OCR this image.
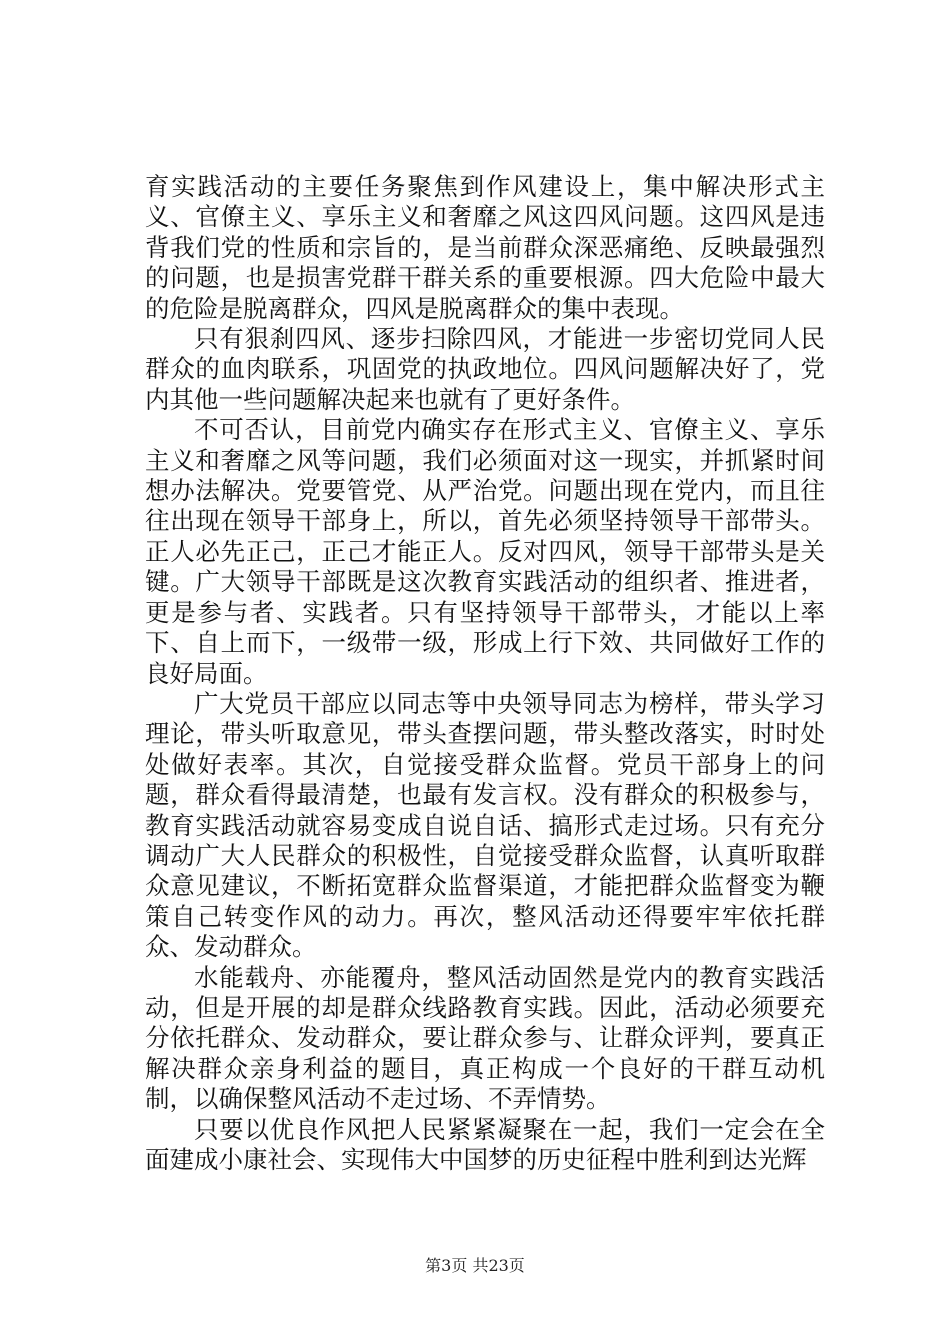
育实践活动的主要任务聚焦到作风建设上，集中解决形式主义、官僚主义、享乐主义和奢靡之风这四风问题。这四风是违背我们党的性质和宗旨的，是当前群众深恶痛绝、反映最强烈的问题，也是损害党群干群关系的重要根源。四大危险中最大的危险是脱离群众，四风是脱离群众的集中表现。

只有狠刹四风、逐步扫除四风，才能进一步密切党同人民群众的血肉联系，巩固党的执政地位。四风问题解决好了，党内其他一些问题解决起来也就有了更好条件。

不可否认，目前党内确实存在形式主义、官僚主义、享乐主义和奢靡之风等问题，我们必须面对这一现实，并抓紧时间想办法解决。党要管党、从严治党。问题出现在党内，而且往往出现在领导干部身上，所以，首先必须坚持领导干部带头。正人必先正己，正己才能正人。反对四风，领导干部带头是关键。广大领导干部既是这次教育实践活动的组织者、推进者，更是参与者、实践者。只有坚持领导干部带头，才能以上率下、自上而下，一级带一级，形成上行下效、共同做好工作的良好局面。

广大党员干部应以同志等中央领导同志为榜样，带头学习理论，带头听取意见，带头查摆问题，带头整改落实，时时处处做好表率。其次，自觉接受群众监督。党员干部身上的问题，群众看得最清楚，也最有发言权。没有群众的积极参与，教育实践活动就容易变成自说自话、搞形式走过场。只有充分调动广大人民群众的积极性，自觉接受群众监督，认真听取群众意见建议，不断拓宽群众监督渠道，才能把群众监督变为鞭策自己转变作风的动力。再次，整风活动还得要牢牢依托群众、发动群众。

水能载舟、亦能覆舟，整风活动固然是党内的教育实践活动，但是开展的却是群众线路教育实践。因此，活动必须要充分依托群众、发动群众，要让群众参与、让群众评判，要真正解决群众亲身利益的题目，真正构成一个良好的干群互动机制，以确保整风活动不走过场、不弄情势。

只要以优良作风把人民紧紧凝聚在一起，我们一定会在全面建成小康社会、实现伟大中国梦的历史征程中胜利到达光辉

第3页 共23页
